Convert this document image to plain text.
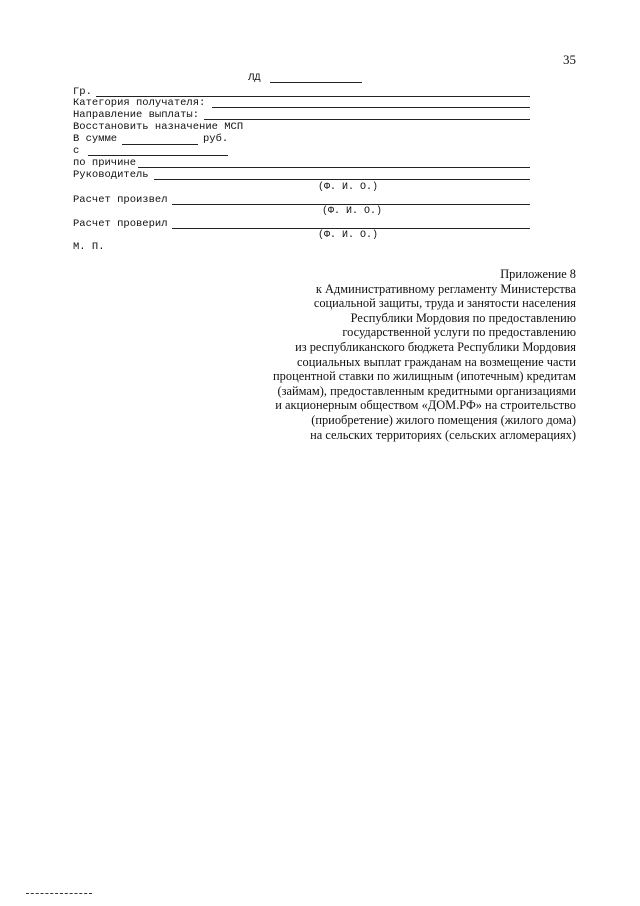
35
ЛД
Гр.
Категория получателя:
Направление выплаты:
Восстановить назначение МСП
В сумме	руб.
с
по причине
Руководитель
(Ф. И. О.)
Расчет произвел
(Ф. И. О.)
Расчет проверил
(Ф. И. О.)
М. П.
Приложение 8
к Административному регламенту Министерства
социальной защиты, труда и занятости населения
Республики Мордовия по предоставлению
государственной услуги по предоставлению
из республиканского бюджета Республики Мордовия
социальных выплат гражданам на возмещение части
процентной ставки по жилищным (ипотечным) кредитам
(займам), предоставленным кредитными организациями
и акционерным обществом «ДОМ.РФ» на строительство
(приобретение) жилого помещения (жилого дома)
на сельских территориях (сельских агломерациях)
